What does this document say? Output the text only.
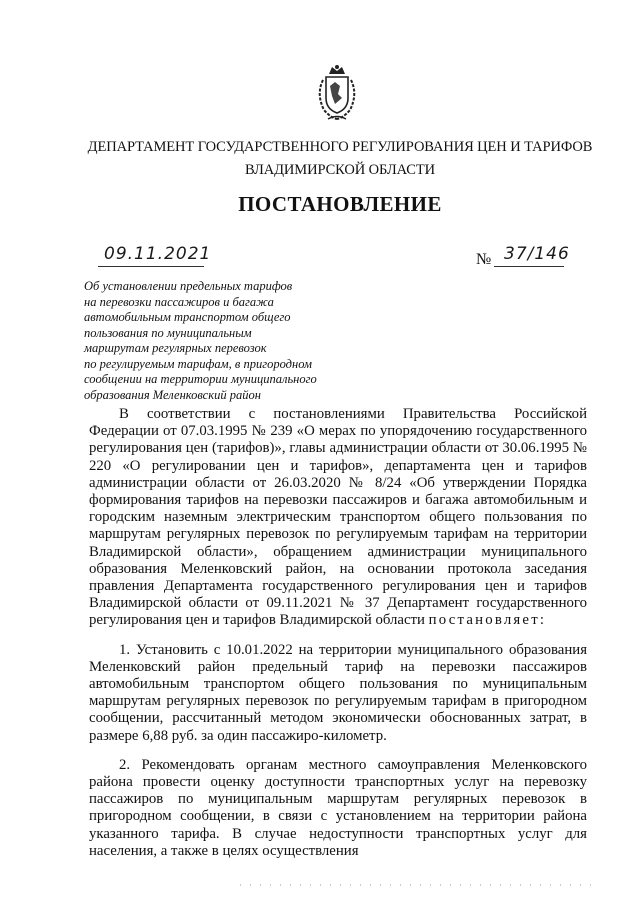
ДЕПАРТАМЕНТ ГОСУДАРСТВЕННОГО РЕГУЛИРОВАНИЯ ЦЕН И ТАРИФОВ
ВЛАДИМИРСКОЙ ОБЛАСТИ
ПОСТАНОВЛЕНИЕ
09.11.2021	№ 37/146
Об установлении предельных тарифов
на перевозки пассажиров и багажа
автомобильным транспортом общего
пользования по муниципальным
маршрутам регулярных перевозок
по регулируемым тарифам, в пригородном
сообщении на территории муниципального
образования Меленковский район

В соответствии с постановлениями Правительства Российской Федерации от 07.03.1995 № 239 «О мерах по упорядочению государственного регулирования цен (тарифов)», главы администрации области от 30.06.1995 № 220 «О регулировании цен и тарифов», департамента цен и тарифов администрации области от 26.03.2020 № 8/24 «Об утверждении Порядка формирования тарифов на перевозки пассажиров и багажа автомобильным и городским наземным электрическим транспортом общего пользования по маршрутам регулярных перевозок по регулируемым тарифам на территории Владимирской области», обращением администрации муниципального образования Меленковский район, на основании протокола заседания правления Департамента государственного регулирования цен и тарифов Владимирской области от 09.11.2021 № 37 Департамент государственного регулирования цен и тарифов Владимирской области постановляет:

1. Установить с 10.01.2022 на территории муниципального образования Меленковский район предельный тариф на перевозки пассажиров автомобильным транспортом общего пользования по муниципальным маршрутам регулярных перевозок по регулируемым тарифам в пригородном сообщении, рассчитанный методом экономически обоснованных затрат, в размере 6,88 руб. за один пассажиро-километр.

2. Рекомендовать органам местного самоуправления Меленковского района провести оценку доступности транспортных услуг на перевозку пассажиров по муниципальным маршрутам регулярных перевозок в пригородном сообщении, в связи с установлением на территории района указанного тарифа. В случае недоступности транспортных услуг для населения, а также в целях осуществления
